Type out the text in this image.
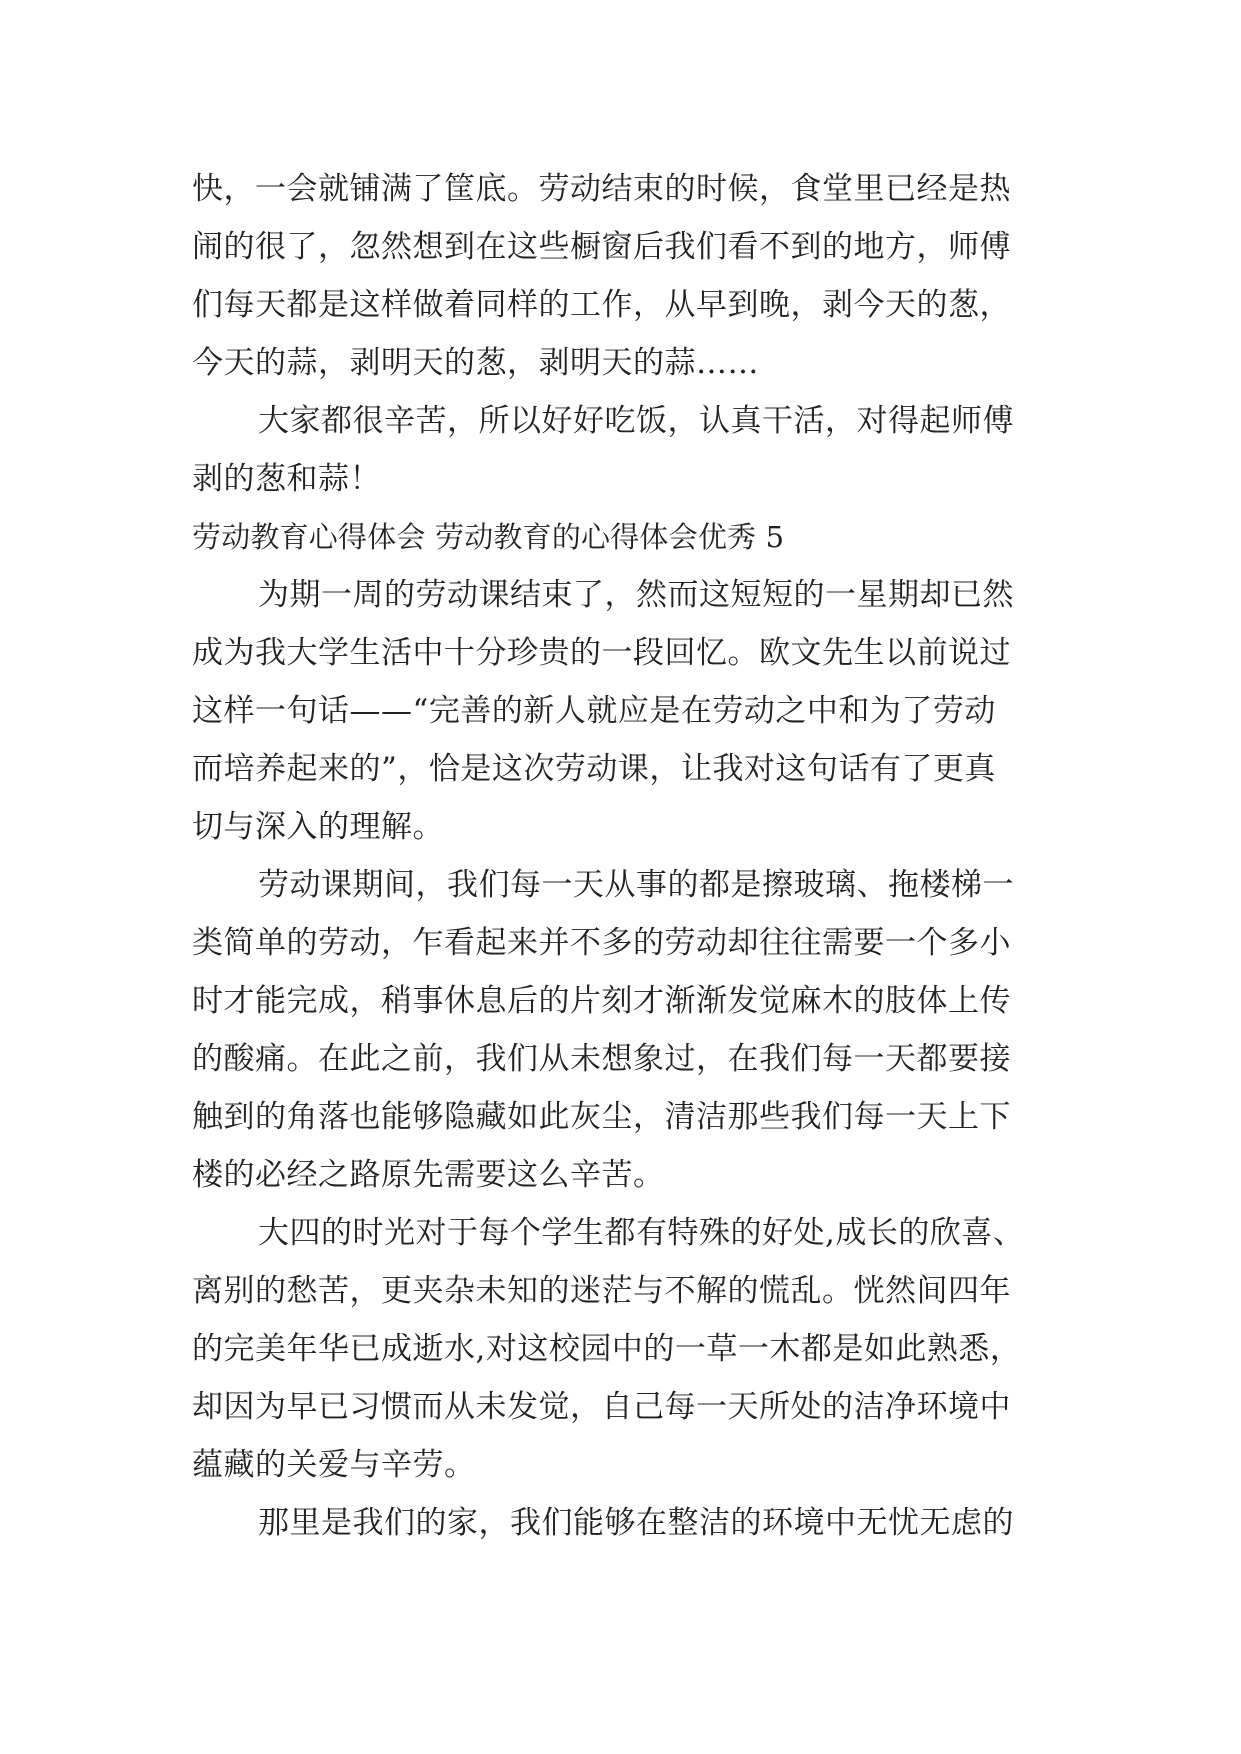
快，一会就铺满了筐底。劳动结束的时候，食堂里已经是热
闹的很了，忽然想到在这些橱窗后我们看不到的地方，师傅
们每天都是这样做着同样的工作，从早到晚，剥今天的葱，
今天的蒜，剥明天的葱，剥明天的蒜……

大家都很辛苦，所以好好吃饭，认真干活，对得起师傅
剥的葱和蒜！

劳动教育心得体会 劳动教育的心得体会优秀 5

为期一周的劳动课结束了，然而这短短的一星期却已然
成为我大学生活中十分珍贵的一段回忆。欧文先生以前说过
这样一句话——“完善的新人就应是在劳动之中和为了劳动
而培养起来的”，恰是这次劳动课，让我对这句话有了更真
切与深入的理解。

劳动课期间，我们每一天从事的都是擦玻璃、拖楼梯一
类简单的劳动，乍看起来并不多的劳动却往往需要一个多小
时才能完成，稍事休息后的片刻才渐渐发觉麻木的肢体上传
的酸痛。在此之前，我们从未想象过，在我们每一天都要接
触到的角落也能够隐藏如此灰尘，清洁那些我们每一天上下
楼的必经之路原先需要这么辛苦。

大四的时光对于每个学生都有特殊的好处,成长的欣喜、
离别的愁苦，更夹杂未知的迷茫与不解的慌乱。恍然间四年
的完美年华已成逝水,对这校园中的一草一木都是如此熟悉，
却因为早已习惯而从未发觉，自己每一天所处的洁净环境中
蕴藏的关爱与辛劳。

那里是我们的家，我们能够在整洁的环境中无忧无虑的
